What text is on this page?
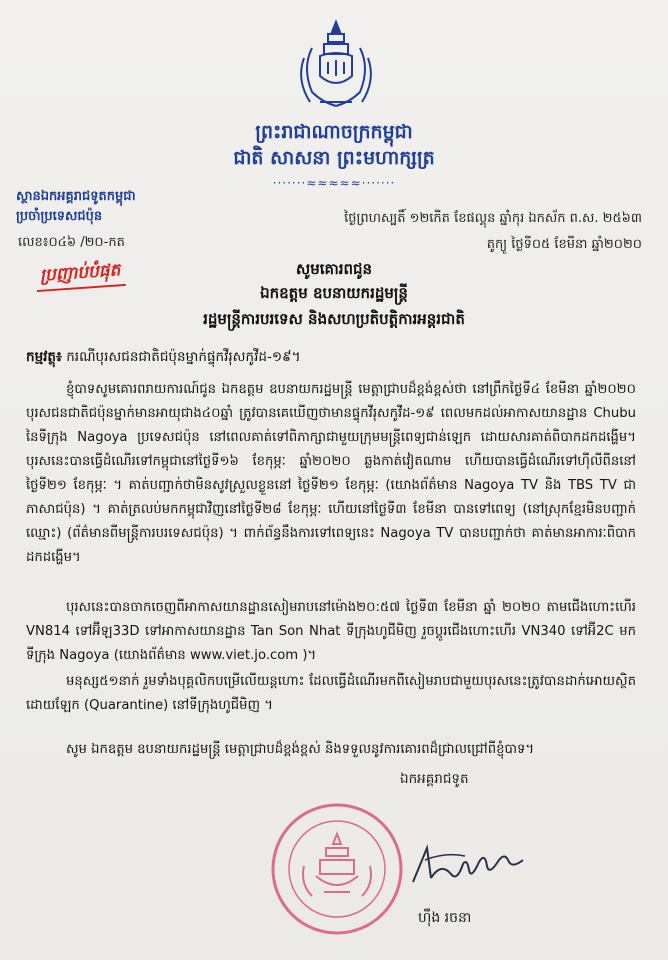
ព្រះរាជាណាចក្រកម្ពុជា
ជាតិ សាសនា ព្រះមហាក្សត្រ
·······≈≈≈≈≈·······
ស្ថានឯកអគ្គរាជទូតកម្ពុជា
ប្រចាំប្រទេសជប៉ុន
លេខ៖០៤៦ /២០-កត
ថ្ងៃព្រហស្បតិ៍ ១២កើត ខែផល្គុន ឆ្នាំកុរ ឯកស័ក ព.ស. ២៥៦៣
តូក្យូ ថ្ងៃទី០៥ ខែមីនា ឆ្នាំ២០២០
ប្រញាប់បំផុត	សូមគោរពជូន
ឯកឧត្តម ឧបនាយករដ្ឋមន្ត្រី
រដ្ឋមន្ត្រីការបរទេស និងសហប្រតិបត្តិការអន្តរជាតិ
កម្មវត្ថុ៖ ករណីបុរសជនជាតិជប៉ុនម្នាក់ផ្ទុកវីរុសកូវីដ-១៩។
ខ្ញុំបាទសូមគោរពរាយការណ៍ជូន ឯកឧត្តម ឧបនាយករដ្ឋមន្ត្រី មេត្តាជ្រាបដ៏ខ្ពង់ខ្ពស់ថា នៅព្រឹកថ្ងៃទី៤ ខែមីនា ឆ្នាំ២០២០ បុរសជនជាតិជប៉ុនម្នាក់មានអាយុជាង៤០ឆ្នាំ ត្រូវបានគេឃើញថាមានផ្ទុកវីរុសកូវីដ-១៩ ពេលមកដល់អាកាសយានដ្ឋាន Chubu នៃទីក្រុង Nagoya ប្រទេសជប៉ុន នៅពេលគាត់ទៅពិភាក្សាជាមួយក្រុមមន្ត្រីពេទ្យជាន់ឡេក ដោយសារគាត់ពិបាកដកដង្ហើម។ បុរសនេះបានធ្វើដំណើរទៅកម្ពុជានៅថ្ងៃទី១៦ ខែកុម្ភៈ ឆ្នាំ២០២០ ឆ្លងកាត់វៀតណាម ហើយបានធ្វើដំណើរទៅហ៊ីលីពីននៅថ្ងៃទី២១ ខែកុម្ភៈ ។ គាត់បញ្ជាក់ថាមិនសូវស្រួលខ្លួននៅ ថ្ងៃទី២១ ខែកុម្ភៈ (យោងព័ត៌មាន Nagoya TV និង TBS TV ជាភាសាជប៉ុន) ។ គាត់ត្រលប់មកកម្ពុជាវិញនៅថ្ងៃទី២៨ ខែកុម្ភៈ ហើយនៅថ្ងៃទី៣ ខែមីនា បានទៅពេទ្យ (នៅស្រុកខ្មែរមិនបញ្ជាក់ឈ្មោះ) (ព័ត៌មានពីមន្ត្រីការបរទេសជប៉ុន) ។ ពាក់ព័ន្ធនឹងការទៅពេទ្យនេះ Nagoya TV បានបញ្ជាក់ថា គាត់មានអាការៈពិបាកដកដង្ហើម។
បុរសនេះបានចាកចេញពីអាកាសយានដ្ឋានសៀមរាបនៅម៉ោង២០:៥៧ ថ្ងៃទី៣ ខែមីនា ឆ្នាំ ២០២០ តាមជើងហោះហើរ VN814 ទៅអ៊ីឡ33D ទៅអាកាសយានដ្ឋាន Tan Son Nhat ទីក្រុងហូជីមិញ រួចប្តូរជើងហោះហើរ VN340 ទៅអ៊ី2C មកទីក្រុង Nagoya (យោងព័ត៌មាន www.viet.jo.com )។
មនុស្ស៥១នាក់ រួមទាំងបុគ្គលិកបម្រើលើយន្តហោះ ដែលធ្វើដំណើរមកពីសៀមរាបជាមួយបុរសនេះត្រូវបានដាក់អោយស្ថិតដោយឡែក (Quarantine) នៅទីក្រុងហូជីមិញ ។
សូម ឯកឧត្តម ឧបនាយករដ្ឋមន្ត្រី មេត្តាជ្រាបដ៏ខ្ពង់ខ្ពស់ និងទទួលនូវការគោរពដ៏ជ្រាលជ្រៅពីខ្ញុំបាទ។
ឯកអគ្គរាជទូត
ហ៊ឹង រចនា
